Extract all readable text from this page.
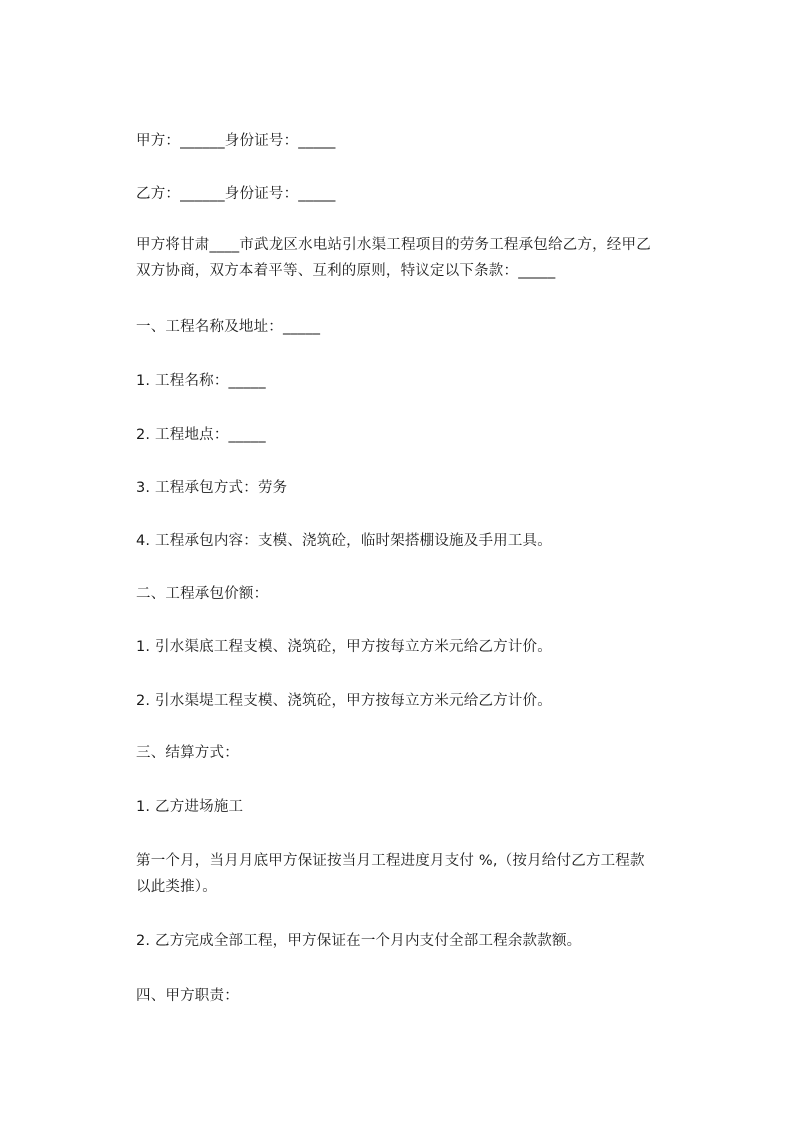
甲方：______身份证号：_____
乙方：______身份证号：_____
甲方将甘肃____市武龙区水电站引水渠工程项目的劳务工程承包给乙方，经甲乙
双方协商，双方本着平等、互利的原则，特议定以下条款：_____
一、工程名称及地址：_____
1. 工程名称：_____
2. 工程地点：_____
3. 工程承包方式：劳务
4. 工程承包内容：支模、浇筑砼，临时架搭棚设施及手用工具。
二、工程承包价额：
1. 引水渠底工程支模、浇筑砼，甲方按每立方米元给乙方计价。
2. 引水渠堤工程支模、浇筑砼，甲方按每立方米元给乙方计价。
三、结算方式：
1. 乙方进场施工
第一个月，当月月底甲方保证按当月工程进度月支付 %,（按月给付乙方工程款
以此类推）。
2. 乙方完成全部工程，甲方保证在一个月内支付全部工程余款款额。
四、甲方职责：
